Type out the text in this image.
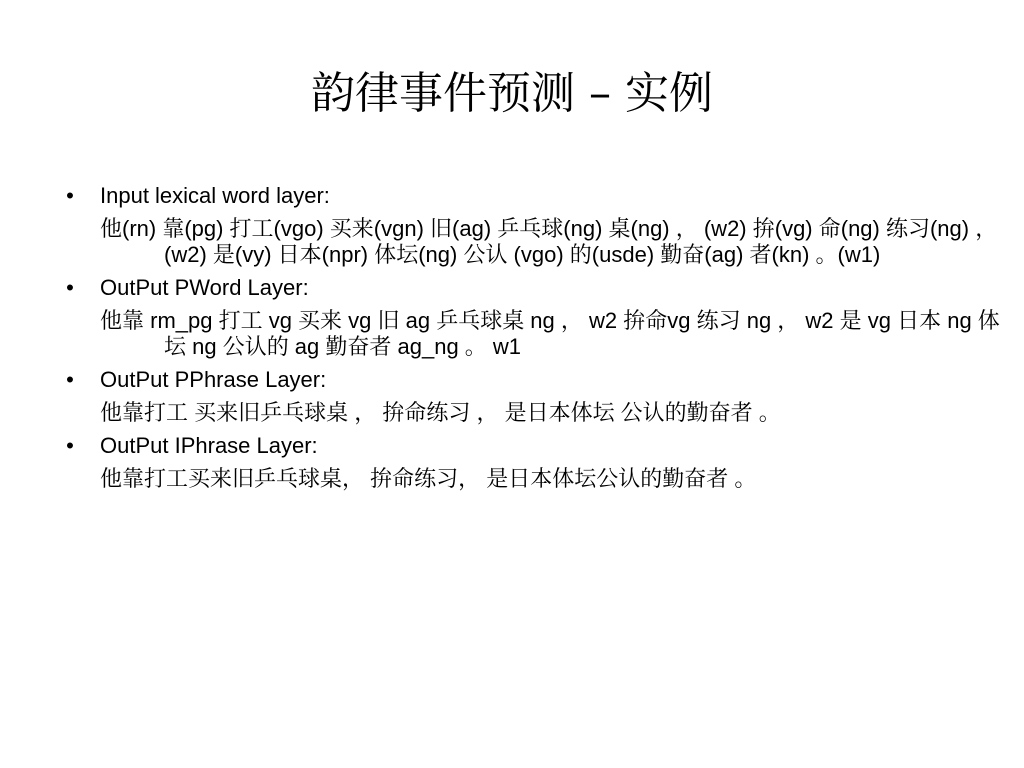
韵律事件预测 – 实例
• Input lexical word layer:
他(rn) 靠(pg) 打工(vgo) 买来(vgn) 旧(ag) 乒乓球(ng) 桌(ng) ， (w2) 拚(vg) 命(ng) 练习(ng) ， (w2) 是(vy) 日本(npr) 体坛(ng) 公认 (vgo) 的(usde) 勤奋(ag) 者(kn) 。(w1)
• OutPut PWord Layer:
他靠 rm_pg 打工 vg 买来 vg 旧 ag 乒乓球桌 ng ， w2 拚命vg 练习 ng ， w2 是 vg 日本 ng 体坛 ng 公认的 ag 勤奋者 ag_ng 。 w1
• OutPut PPhrase Layer:
他靠打工 买来旧乒乓球桌 ， 拚命练习 ， 是日本体坛 公认的勤奋者 。
• OutPut IPhrase Layer:
他靠打工买来旧乒乓球桌， 拚命练习， 是日本体坛公认的勤奋者 。
